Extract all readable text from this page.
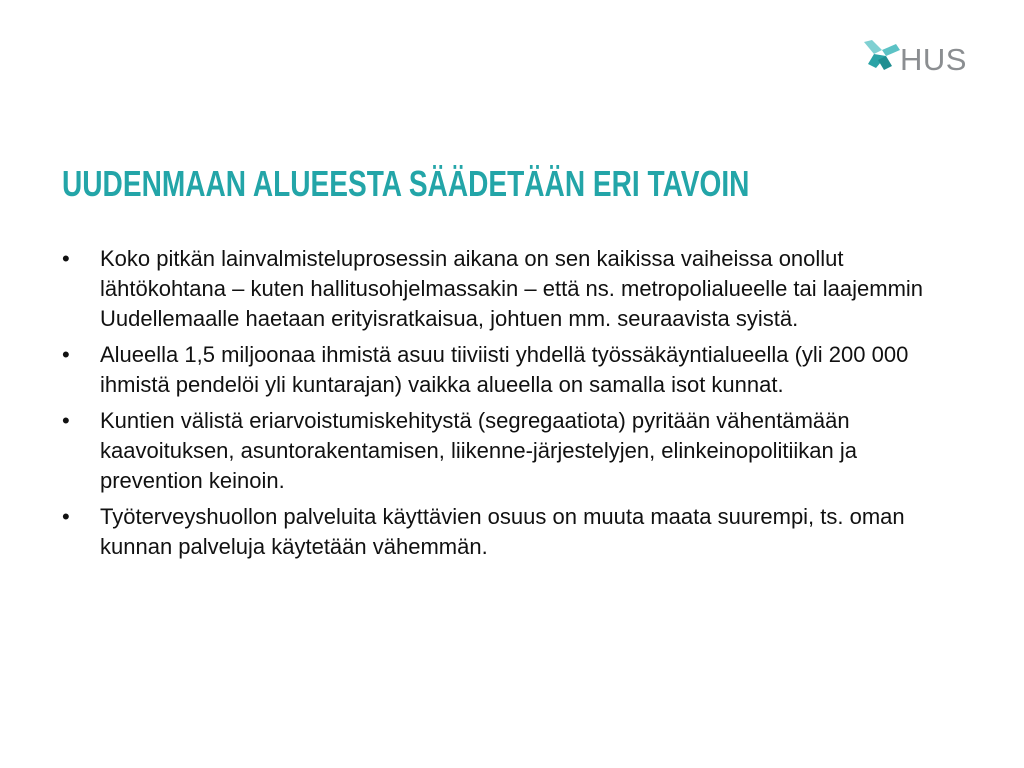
HUS
UUDENMAAN ALUEESTA SÄÄDETÄÄN ERI TAVOIN
• Koko pitkän lainvalmisteluprosessin aikana on sen kaikissa vaiheissa onollut lähtökohtana – kuten hallitusohjelmassakin – että ns. metropolialueelle tai laajemmin Uudellemaalle haetaan erityisratkaisua, johtuen mm. seuraavista syistä.
• Alueella 1,5 miljoonaa ihmistä asuu tiiviisti yhdellä työssäkäyntialueella (yli 200 000 ihmistä pendelöi yli kuntarajan) vaikka alueella on samalla isot kunnat.
• Kuntien välistä eriarvoistumiskehitystä (segregaatiota) pyritään vähentämään kaavoituksen, asuntorakentamisen, liikenne-järjestelyjen, elinkeinopolitiikan ja prevention keinoin.
• Työterveyshuollon palveluita käyttävien osuus on muuta maata suurempi, ts. oman kunnan palveluja käytetään vähemmän.
